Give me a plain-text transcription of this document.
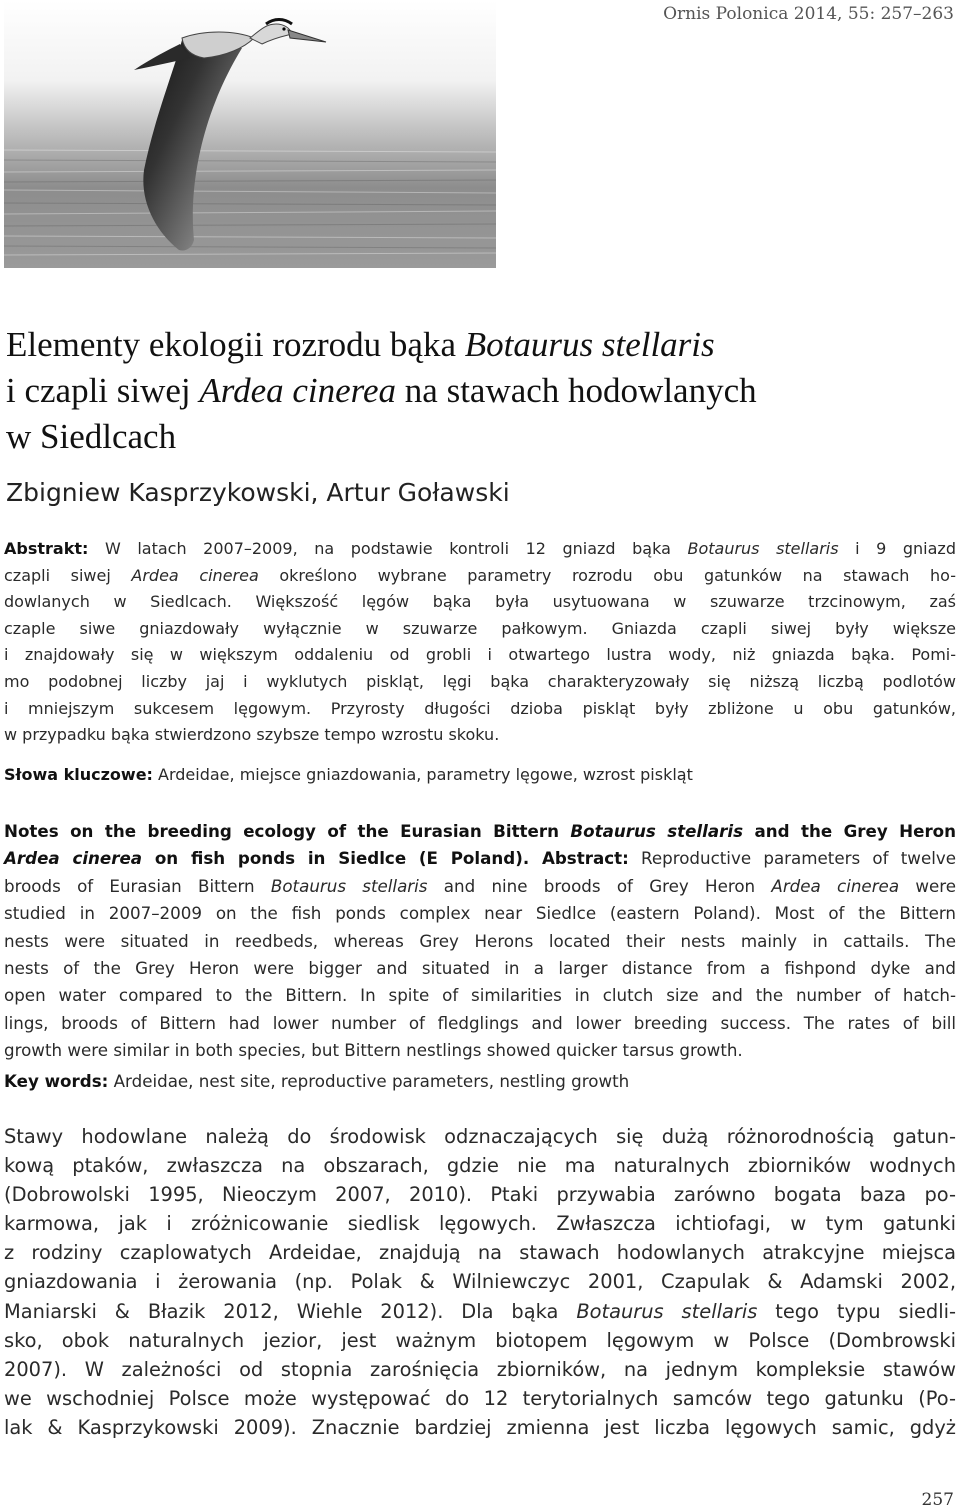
Ornis Polonica 2014, 55: 257–263
Elementy ekologii rozrodu bąka Botaurus stellaris
i czapli siwej Ardea cinerea na stawach hodowlanych
w Siedlcach
Zbigniew Kasprzykowski, Artur Goławski
Abstrakt: W latach 2007–2009, na podstawie kontroli 12 gniazd bąka Botaurus stellaris i 9 gniazd
czapli siwej Ardea cinerea określono wybrane parametry rozrodu obu gatunków na stawach ho-
dowlanych w Siedlcach. Większość lęgów bąka była usytuowana w szuwarze trzcinowym, zaś
czaple siwe gniazdowały wyłącznie w szuwarze pałkowym. Gniazda czapli siwej były większe
i znajdowały się w większym oddaleniu od grobli i otwartego lustra wody, niż gniazda bąka. Pomi-
mo podobnej liczby jaj i wyklutych piskląt, lęgi bąka charakteryzowały się niższą liczbą podlotów
i mniejszym sukcesem lęgowym. Przyrosty długości dzioba piskląt były zbliżone u obu gatunków,
w przypadku bąka stwierdzono szybsze tempo wzrostu skoku.
Słowa kluczowe: Ardeidae, miejsce gniazdowania, parametry lęgowe, wzrost piskląt
Notes on the breeding ecology of the Eurasian Bittern Botaurus stellaris and the Grey Heron
Ardea cinerea on fish ponds in Siedlce (E Poland). Abstract: Reproductive parameters of twelve
broods of Eurasian Bittern Botaurus stellaris and nine broods of Grey Heron Ardea cinerea were
studied in 2007–2009 on the fish ponds complex near Siedlce (eastern Poland). Most of the Bittern
nests were situated in reedbeds, whereas Grey Herons located their nests mainly in cattails. The
nests of the Grey Heron were bigger and situated in a larger distance from a fishpond dyke and
open water compared to the Bittern. In spite of similarities in clutch size and the number of hatch-
lings, broods of Bittern had lower number of fledglings and lower breeding success. The rates of bill
growth were similar in both species, but Bittern nestlings showed quicker tarsus growth.
Key words: Ardeidae, nest site, reproductive parameters, nestling growth
Stawy hodowlane należą do środowisk odznaczających się dużą różnorodnością gatun-
kową ptaków, zwłaszcza na obszarach, gdzie nie ma naturalnych zbiorników wodnych
(Dobrowolski 1995, Nieoczym 2007, 2010). Ptaki przywabia zarówno bogata baza po-
karmowa, jak i zróżnicowanie siedlisk lęgowych. Zwłaszcza ichtiofagi, w tym gatunki
z rodziny czaplowatych Ardeidae, znajdują na stawach hodowlanych atrakcyjne miejsca
gniazdowania i żerowania (np. Polak & Wilniewczyc 2001, Czapulak & Adamski 2002,
Maniarski & Błazik 2012, Wiehle 2012). Dla bąka Botaurus stellaris tego typu siedli-
sko, obok naturalnych jezior, jest ważnym biotopem lęgowym w Polsce (Dombrowski
2007). W zależności od stopnia zarośnięcia zbiorników, na jednym kompleksie stawów
we wschodniej Polsce może występować do 12 terytorialnych samców tego gatunku (Po-
lak & Kasprzykowski 2009). Znacznie bardziej zmienna jest liczba lęgowych samic, gdyż
257
